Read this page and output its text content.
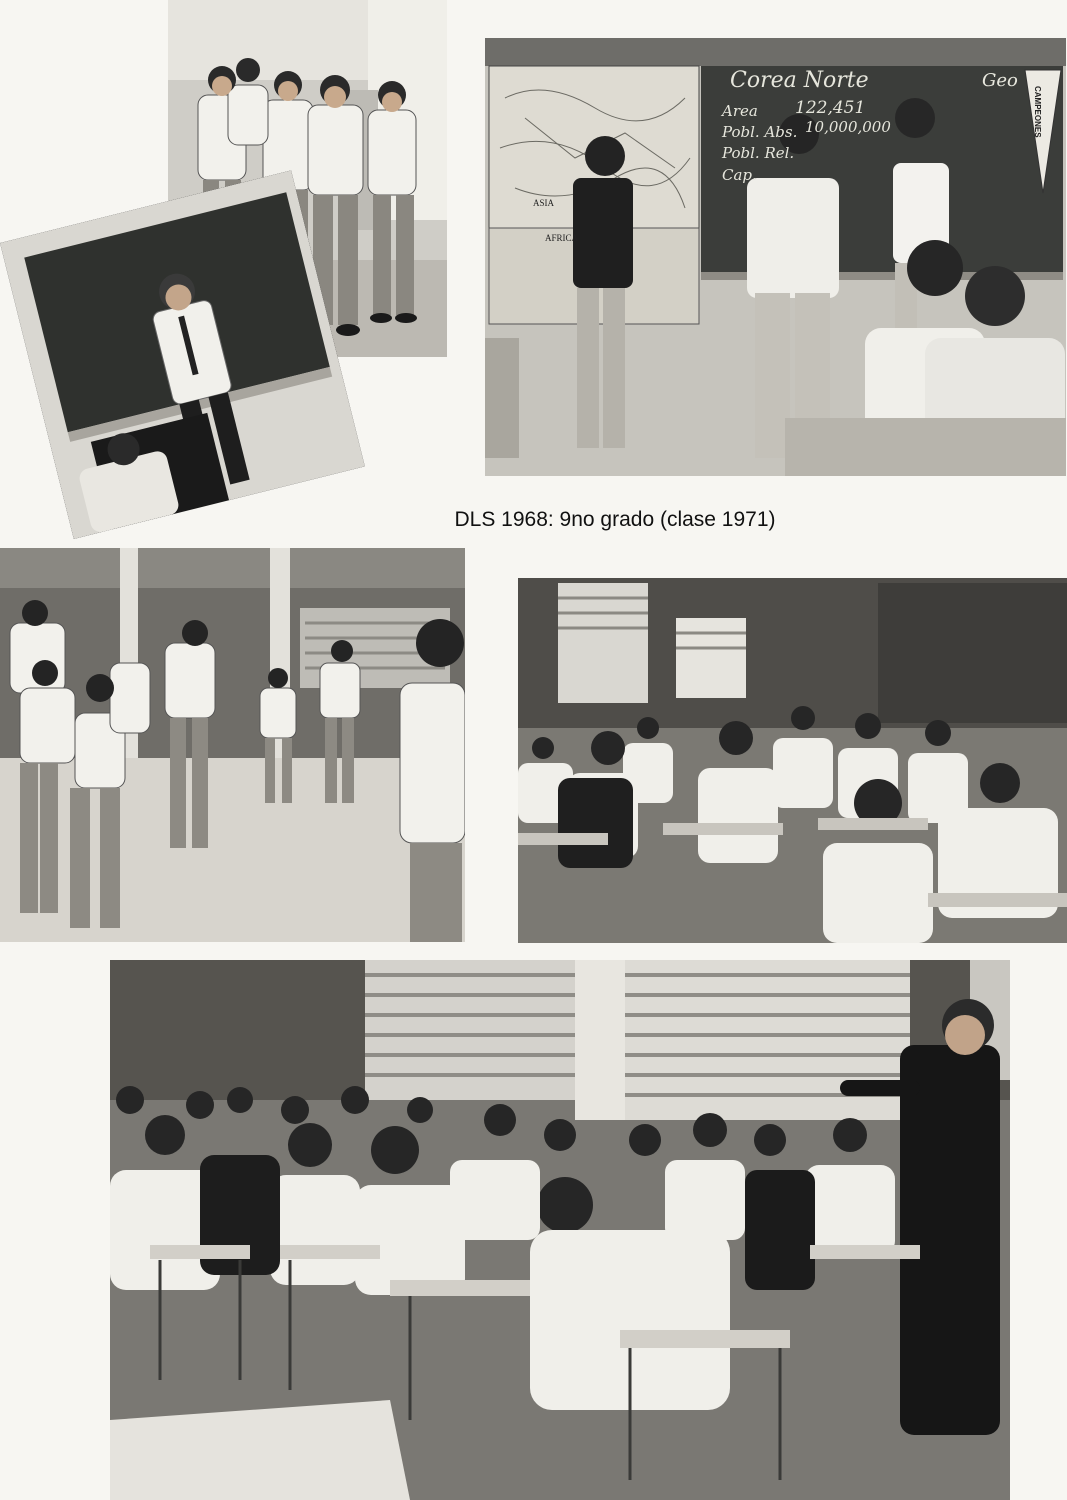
Corea Norte
Area 122,451
Pobl. Abs. 10,000,000
Pobl. Rel.
Cap.
Geo
CAMPEONES
ASIA
AFRICA
DLS 1968: 9no grado (clase 1971)
